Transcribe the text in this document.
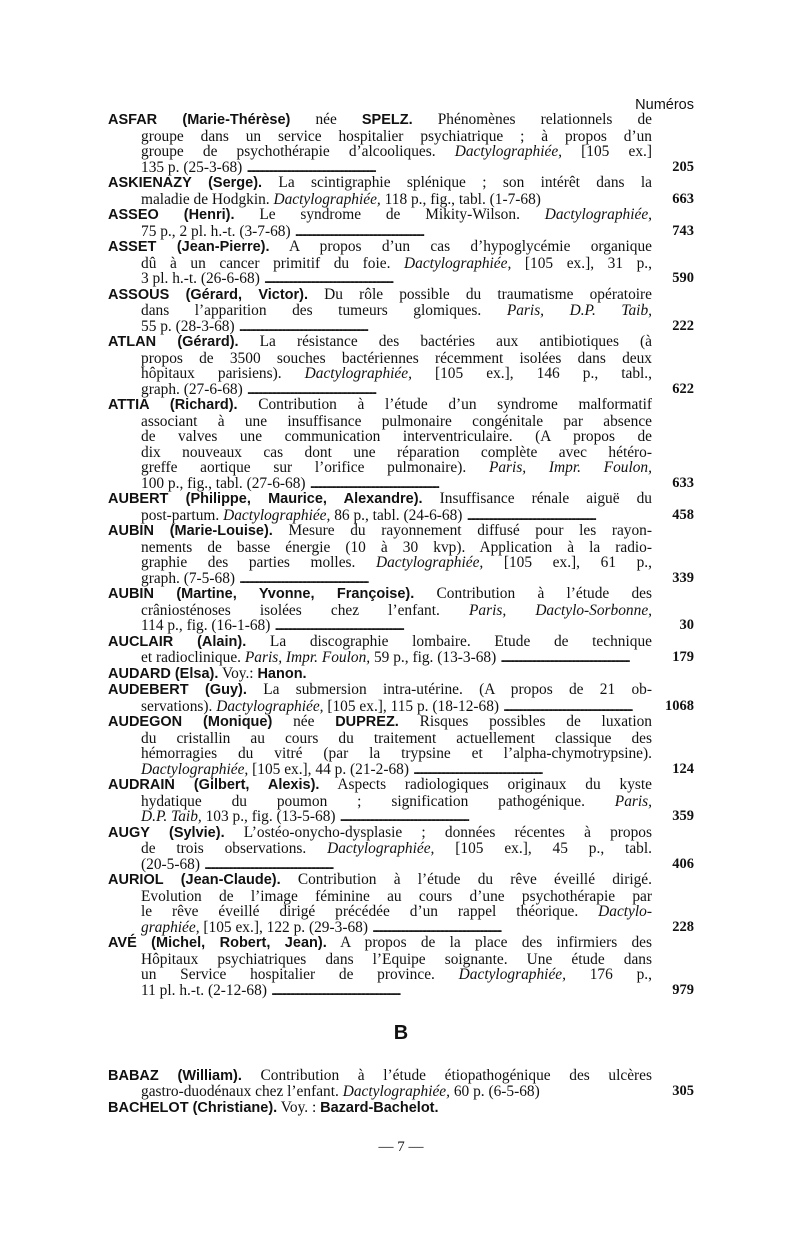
Numéros
ASFAR (Marie-Thérèse) née SPELZ. Phénomènes relationnels de
groupe dans un service hospitalier psychiatrique ; à propos d’un
groupe de psychothérapie d’alcooliques. Dactylographiée, [105 ex.]
135 p. (25-3-68) . . .	205
ASKIENAZY (Serge). La scintigraphie splénique ; son intérêt dans la
maladie de Hodgkin. Dactylographiée, 118 p., fig., tabl. (1-7-68)	663
ASSEO (Henri). Le syndrome de Mikity-Wilson. Dactylographiée,
75 p., 2 pl. h.-t. (3-7-68) . . .	743
ASSET (Jean-Pierre). A propos d’un cas d’hypoglycémie organique
dû à un cancer primitif du foie. Dactylographiée, [105 ex.], 31 p.,
3 pl. h.-t. (26-6-68) . . .	590
ASSOUS (Gérard, Victor). Du rôle possible du traumatisme opératoire
dans l’apparition des tumeurs glomiques. Paris, D.P. Taib,
55 p. (28-3-68) . . .	222
ATLAN (Gérard). La résistance des bactéries aux antibiotiques (à
propos de 3500 souches bactériennes récemment isolées dans deux
hôpitaux parisiens). Dactylographiée, [105 ex.], 146 p., tabl.,
graph. (27-6-68) . . .	622
ATTIA (Richard). Contribution à l’étude d’un syndrome malformatif
associant à une insuffisance pulmonaire congénitale par absence
de valves une communication interventriculaire. (A propos de
dix nouveaux cas dont une réparation complète avec hétéro-
greffe aortique sur l’orifice pulmonaire). Paris, Impr. Foulon,
100 p., fig., tabl. (27-6-68) . . .	633
AUBERT (Philippe, Maurice, Alexandre). Insuffisance rénale aiguë du
post-partum. Dactylographiée, 86 p., tabl. (24-6-68) . . .	458
AUBIN (Marie-Louise). Mesure du rayonnement diffusé pour les rayon-
nements de basse énergie (10 à 30 kvp). Application à la radio-
graphie des parties molles. Dactylographiée, [105 ex.], 61 p.,
graph. (7-5-68) . . .	339
AUBIN (Martine, Yvonne, Françoise). Contribution à l’étude des
crâniosténoses isolées chez l’enfant. Paris, Dactylo-Sorbonne,
114 p., fig. (16-1-68) . . .	30
AUCLAIR (Alain). La discographie lombaire. Etude de technique
et radioclinique. Paris, Impr. Foulon, 59 p., fig. (13-3-68) . . .	179
AUDARD (Elsa). Voy.: Hanon.
AUDEBERT (Guy). La submersion intra-utérine. (A propos de 21 ob-
servations). Dactylographiée, [105 ex.], 115 p. (18-12-68) . . .	1068
AUDEGON (Monique) née DUPREZ. Risques possibles de luxation
du cristallin au cours du traitement actuellement classique des
hémorragies du vitré (par la trypsine et l’alpha-chymotrypsine).
Dactylographiée, [105 ex.], 44 p. (21-2-68) . . .	124
AUDRAIN (Gilbert, Alexis). Aspects radiologiques originaux du kyste
hydatique du poumon ; signification pathogénique. Paris,
D.P. Taib, 103 p., fig. (13-5-68) . . .	359
AUGY (Sylvie). L’ostéo-onycho-dysplasie ; données récentes à propos
de trois observations. Dactylographiée, [105 ex.], 45 p., tabl.
(20-5-68) . . .	406
AURIOL (Jean-Claude). Contribution à l’étude du rêve éveillé dirigé.
Evolution de l’image féminine au cours d’une psychothérapie par
le rêve éveillé dirigé précédée d’un rappel théorique. Dactylo-
graphiée, [105 ex.], 122 p. (29-3-68) . . .	228
AVÉ (Michel, Robert, Jean). A propos de la place des infirmiers des
Hôpitaux psychiatriques dans l’Equipe soignante. Une étude dans
un Service hospitalier de province. Dactylographiée, 176 p.,
11 pl. h.-t. (2-12-68) . . .	979
B
BABAZ (William). Contribution à l’étude étiopathogénique des ulcères
gastro-duodénaux chez l’enfant. Dactylographiée, 60 p. (6-5-68)	305
BACHELOT (Christiane). Voy. : Bazard-Bachelot.
— 7 —
